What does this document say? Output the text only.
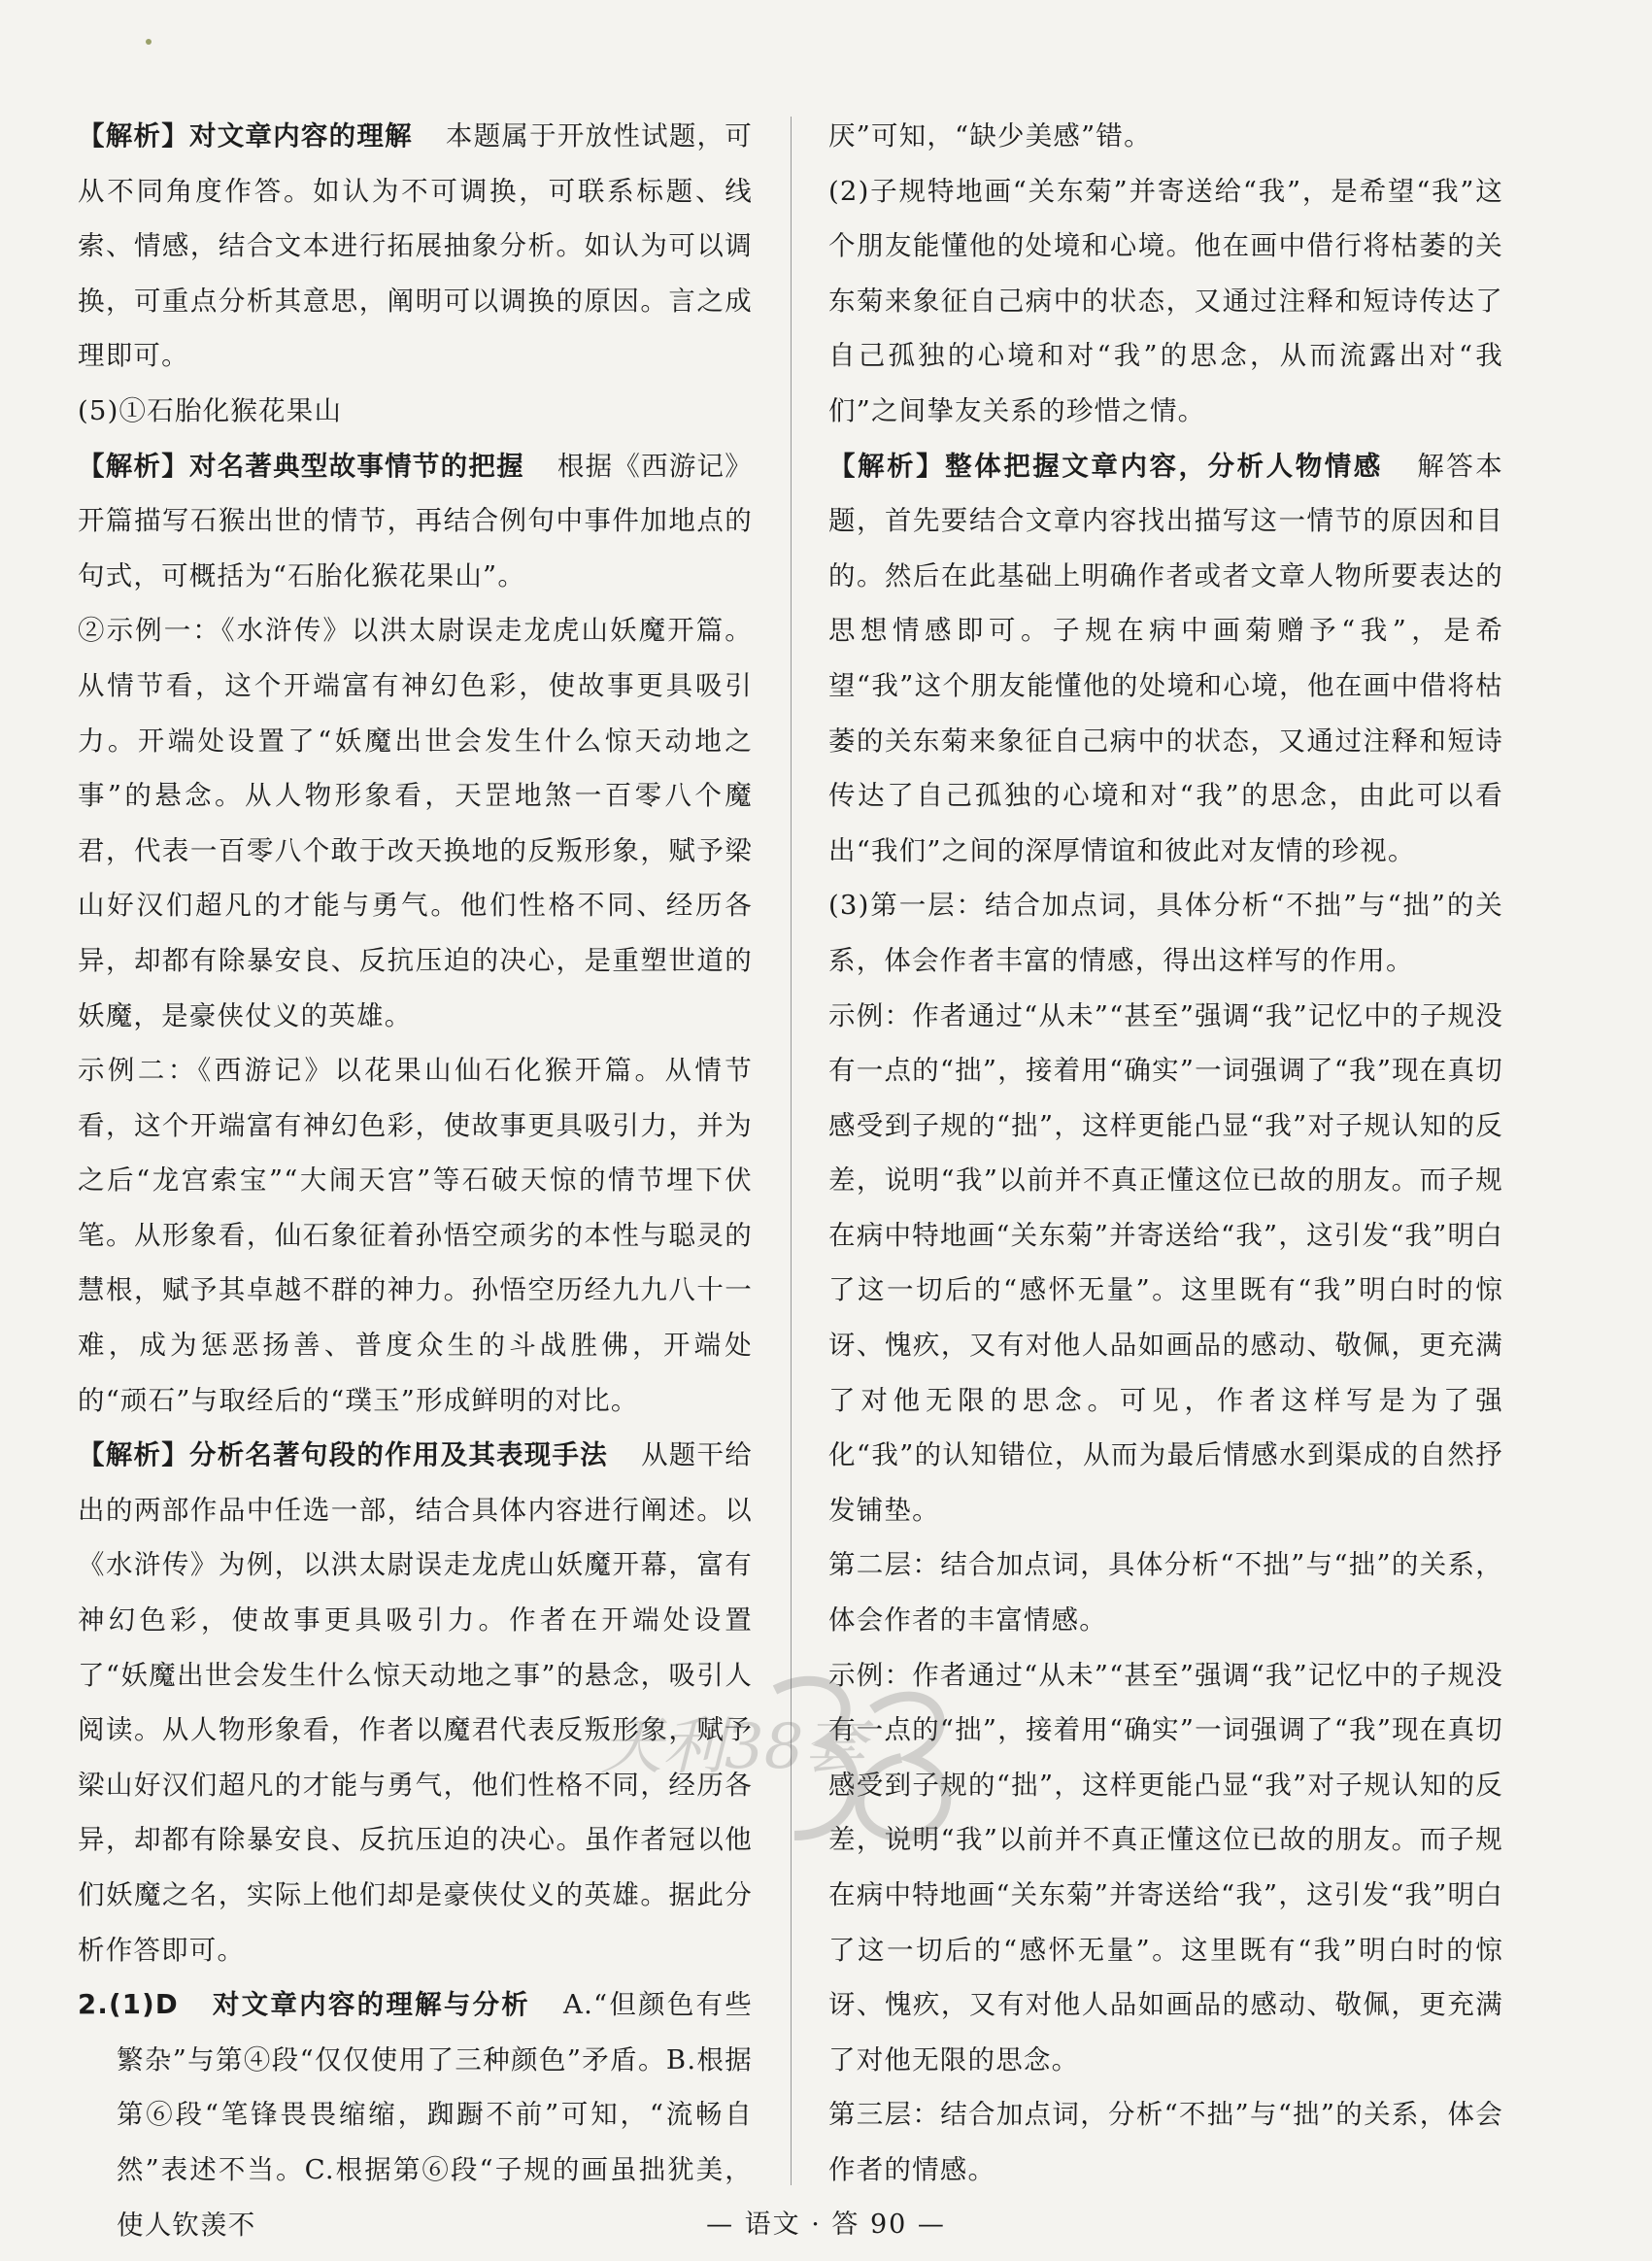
【解析】对文章内容的理解 本题属于开放性试题，可从不同角度作答。如认为不可调换，可联系标题、线索、情感，结合文本进行拓展抽象分析。如认为可以调换，可重点分析其意思，阐明可以调换的原因。言之成理即可。

(5)①石胎化猴花果山

【解析】对名著典型故事情节的把握 根据《西游记》开篇描写石猴出世的情节，再结合例句中事件加地点的句式，可概括为“石胎化猴花果山”。

②示例一：《水浒传》以洪太尉误走龙虎山妖魔开篇。从情节看，这个开端富有神幻色彩，使故事更具吸引力。开端处设置了“妖魔出世会发生什么惊天动地之事”的悬念。从人物形象看，天罡地煞一百零八个魔君，代表一百零八个敢于改天换地的反叛形象，赋予梁山好汉们超凡的才能与勇气。他们性格不同、经历各异，却都有除暴安良、反抗压迫的决心，是重塑世道的妖魔，是豪侠仗义的英雄。

示例二：《西游记》以花果山仙石化猴开篇。从情节看，这个开端富有神幻色彩，使故事更具吸引力，并为之后“龙宫索宝”“大闹天宫”等石破天惊的情节埋下伏笔。从形象看，仙石象征着孙悟空顽劣的本性与聪灵的慧根，赋予其卓越不群的神力。孙悟空历经九九八十一难，成为惩恶扬善、普度众生的斗战胜佛，开端处的“顽石”与取经后的“璞玉”形成鲜明的对比。

【解析】分析名著句段的作用及其表现手法 从题干给出的两部作品中任选一部，结合具体内容进行阐述。以《水浒传》为例，以洪太尉误走龙虎山妖魔开幕，富有神幻色彩，使故事更具吸引力。作者在开端处设置了“妖魔出世会发生什么惊天动地之事”的悬念，吸引人阅读。从人物形象看，作者以魔君代表反叛形象，赋予梁山好汉们超凡的才能与勇气，他们性格不同，经历各异，却都有除暴安良、反抗压迫的决心。虽作者冠以他们妖魔之名，实际上他们却是豪侠仗义的英雄。据此分析作答即可。

2.(1)D 对文章内容的理解与分析 A.“但颜色有些繁杂”与第④段“仅仅使用了三种颜色”矛盾。B.根据第⑥段“笔锋畏畏缩缩，踟蹰不前”可知，“流畅自然”表述不当。C.根据第⑥段“子规的画虽拙犹美，使人钦羡不

厌”可知，“缺少美感”错。

(2)子规特地画“关东菊”并寄送给“我”，是希望“我”这个朋友能懂他的处境和心境。他在画中借行将枯萎的关东菊来象征自己病中的状态，又通过注释和短诗传达了自己孤独的心境和对“我”的思念，从而流露出对“我们”之间挚友关系的珍惜之情。

【解析】整体把握文章内容，分析人物情感 解答本题，首先要结合文章内容找出描写这一情节的原因和目的。然后在此基础上明确作者或者文章人物所要表达的思想情感即可。子规在病中画菊赠予“我”，是希望“我”这个朋友能懂他的处境和心境，他在画中借将枯萎的关东菊来象征自己病中的状态，又通过注释和短诗传达了自己孤独的心境和对“我”的思念，由此可以看出“我们”之间的深厚情谊和彼此对友情的珍视。

(3)第一层：结合加点词，具体分析“不拙”与“拙”的关系，体会作者丰富的情感，得出这样写的作用。

示例：作者通过“从未”“甚至”强调“我”记忆中的子规没有一点的“拙”，接着用“确实”一词强调了“我”现在真切感受到子规的“拙”，这样更能凸显“我”对子规认知的反差，说明“我”以前并不真正懂这位已故的朋友。而子规在病中特地画“关东菊”并寄送给“我”，这引发“我”明白了这一切后的“感怀无量”。这里既有“我”明白时的惊讶、愧疚，又有对他人品如画品的感动、敬佩，更充满了对他无限的思念。可见，作者这样写是为了强化“我”的认知错位，从而为最后情感水到渠成的自然抒发铺垫。

第二层：结合加点词，具体分析“不拙”与“拙”的关系，体会作者的丰富情感。

示例：作者通过“从未”“甚至”强调“我”记忆中的子规没有一点的“拙”，接着用“确实”一词强调了“我”现在真切感受到子规的“拙”，这样更能凸显“我”对子规认知的反差，说明“我”以前并不真正懂这位已故的朋友。而子规在病中特地画“关东菊”并寄送给“我”，这引发“我”明白了这一切后的“感怀无量”。这里既有“我”明白时的惊讶、愧疚，又有对他人品如画品的感动、敬佩，更充满了对他无限的思念。

第三层：结合加点词，分析“不拙”与“拙”的关系，体会作者的情感。

天利38套
— 语文 · 答 90 —
